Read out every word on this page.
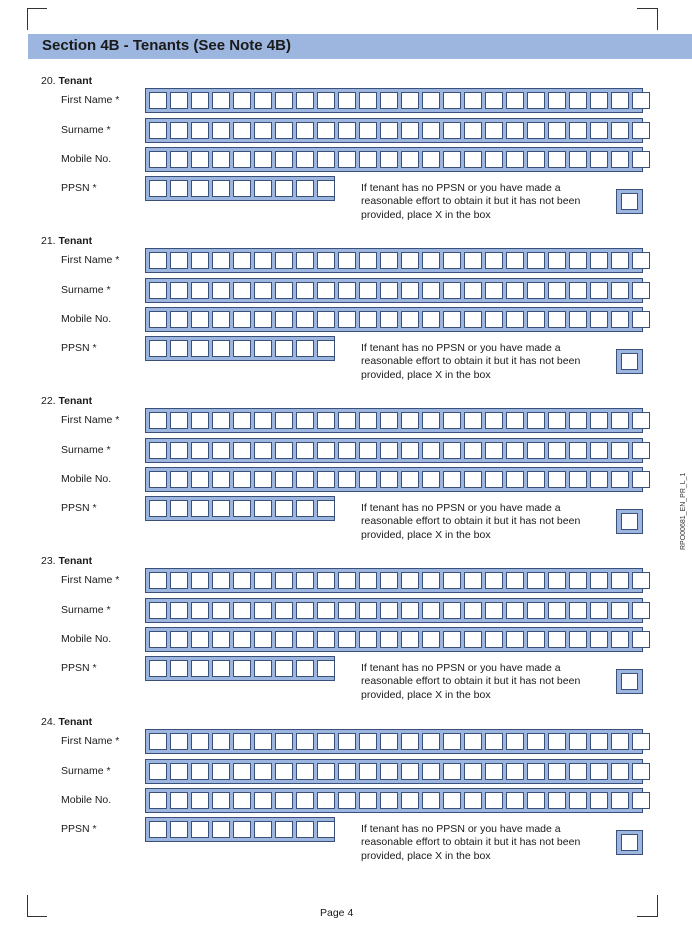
Section 4B - Tenants (See Note 4B)
RPO00681_EN_PR_L_1
20. Tenant
First Name *
Surname *
Mobile No.
PPSN *	If tenant has no PPSN or you have made a
reasonable effort to obtain it but it has not been
provided, place X in the box
21. Tenant
First Name *
Surname *
Mobile No.
PPSN *	If tenant has no PPSN or you have made a
reasonable effort to obtain it but it has not been
provided, place X in the box
22. Tenant
First Name *
Surname *
Mobile No.
PPSN *	If tenant has no PPSN or you have made a
reasonable effort to obtain it but it has not been
provided, place X in the box
23. Tenant
First Name *
Surname *
Mobile No.
PPSN *	If tenant has no PPSN or you have made a
reasonable effort to obtain it but it has not been
provided, place X in the box
24. Tenant
First Name *
Surname *
Mobile No.
PPSN *	If tenant has no PPSN or you have made a
reasonable effort to obtain it but it has not been
provided, place X in the box
Page 4
